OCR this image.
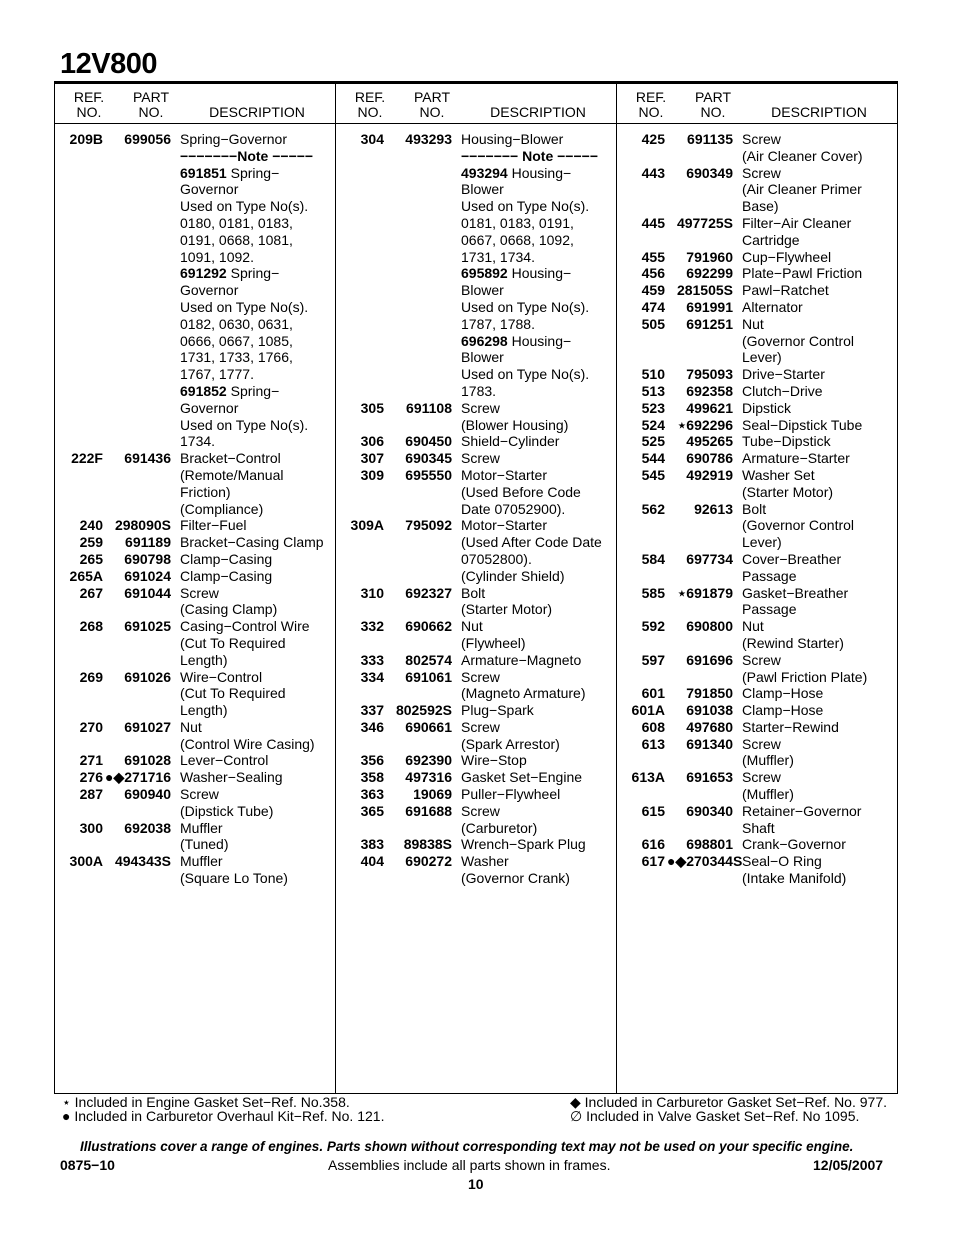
12V800
REF.
NO.
PART
NO.	DESCRIPTION
209B	699056 Spring−Governor
−−−−−−−Note −−−−−
691851 Spring−
Governor
Used on Type No(s).
0180, 0181, 0183,
0191, 0668, 1081,
1091, 1092.
691292 Spring−
Governor
Used on Type No(s).
0182, 0630, 0631,
0666, 0667, 1085,
1731, 1733, 1766,
1767, 1777.
691852 Spring−
Governor
Used on Type No(s).
1734.
222F	691436 Bracket−Control
(Remote/Manual
Friction)
(Compliance)
240 298090S Filter−Fuel
259	691189 Bracket−Casing Clamp
265	690798 Clamp−Casing
265A	691024 Clamp−Casing
267	691044 Screw
(Casing Clamp)
268	691025 Casing−Control Wire
(Cut To Required
Length)
269	691026 Wire−Control
(Cut To Required
Length)
270	691027 Nut
(Control Wire Casing)
271	691028 Lever−Control
276 ●◆271716 Washer−Sealing
287	690940 Screw
(Dipstick Tube)
300	692038 Muffler
(Tuned)
300A 494343S Muffler
(Square Lo Tone)
REF.
NO.
PART
NO.	DESCRIPTION
304	493293 Housing−Blower
−−−−−−− Note −−−−−
493294 Housing−
Blower
Used on Type No(s).
0181, 0183, 0191,
0667, 0668, 1092,
1731, 1734.
695892 Housing−
Blower
Used on Type No(s).
1787, 1788.
696298 Housing−
Blower
Used on Type No(s).
1783.
305	691108 Screw
(Blower Housing)
306	690450 Shield−Cylinder
307	690345 Screw
309	695550 Motor−Starter
(Used Before Code
Date 07052900).
309A	795092 Motor−Starter
(Used After Code Date
07052800).
(Cylinder Shield)
310	692327 Bolt
(Starter Motor)
332	690662 Nut
(Flywheel)
333	802574 Armature−Magneto
334	691061 Screw
(Magneto Armature)
337 802592S Plug−Spark
346	690661 Screw
(Spark Arrestor)
356	692390 Wire−Stop
358	497316 Gasket Set−Engine
363	19069 Puller−Flywheel
365	691688 Screw
(Carburetor)
383	89838S Wrench−Spark Plug
404	690272 Washer
(Governor Crank)
REF.
NO.
PART
NO.	DESCRIPTION
425	691135 Screw
(Air Cleaner Cover)
443	690349 Screw
(Air Cleaner Primer
Base)
445 497725S Filter−Air Cleaner
Cartridge
455	791960 Cup−Flywheel
456	692299 Plate−Pawl Friction
459 281505S Pawl−Ratchet
474	691991 Alternator
505	691251 Nut
(Governor Control
Lever)
510	795093 Drive−Starter
513	692358 Clutch−Drive
523	499621 Dipstick
524 ⋆692296 Seal−Dipstick Tube
525	495265 Tube−Dipstick
544	690786 Armature−Starter
545	492919 Washer Set
(Starter Motor)
562	92613 Bolt
(Governor Control
Lever)
584	697734 Cover−Breather
Passage
585 ⋆691879 Gasket−Breather
Passage
592	690800 Nut
(Rewind Starter)
597	691696 Screw
(Pawl Friction Plate)
601	791850 Clamp−Hose
601A	691038 Clamp−Hose
608	497680 Starter−Rewind
613	691340 Screw
(Muffler)
613A	691653 Screw
(Muffler)
615	690340 Retainer−Governor
Shaft
616	698801 Crank−Governor
617 ●◆270344S Seal−O Ring
(Intake Manifold)
⋆ Included in Engine Gasket Set−Ref. No.358.
● Included in Carburetor Overhaul Kit−Ref. No. 121.
◆ Included in Carburetor Gasket Set−Ref. No. 977.
∅ Included in Valve Gasket Set−Ref. No 1095.
Illustrations cover a range of engines. Parts shown without corresponding text may not be used on your specific engine.
0875−10	Assemblies include all parts shown in frames.	12/05/2007
10
